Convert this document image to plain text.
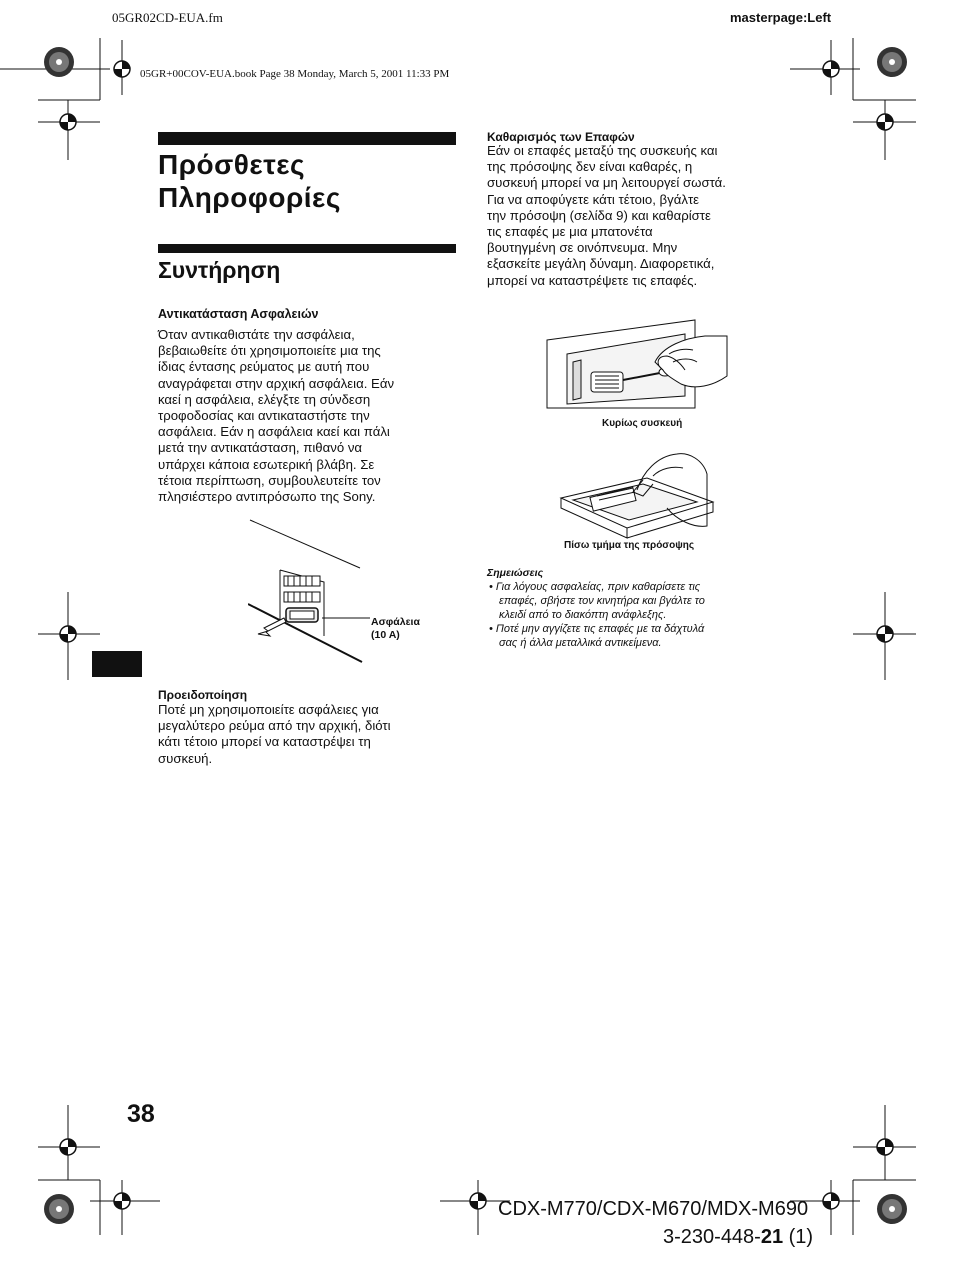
05GR02CD-EUA.fm	masterpage:Left
05GR+00COV-EUA.book Page 38 Monday, March 5, 2001 11:33 PM
Πρόσθετες
Πληροφορίες
Συντήρηση
Αντικατάσταση Ασφαλειών
Όταν αντικαθιστάτε την ασφάλεια,
βεβαιωθείτε ότι χρησιμοποιείτε μια της
ίδιας έντασης ρεύματος με αυτή που
αναγράφεται στην αρχική ασφάλεια. Εάν
καεί η ασφάλεια, ελέγξτε τη σύνδεση
τροφοδοσίας και αντικαταστήστε την
ασφάλεια. Εάν η ασφάλεια καεί και πάλι
μετά την αντικατάσταση, πιθανό να
υπάρχει κάποια εσωτερική βλάβη. Σε
τέτοια περίπτωση, συμβουλευτείτε τον
πλησιέστερο αντιπρόσωπο της Sony.
Ασφάλεια
(10 A)
Προειδοποίηση
Ποτέ μη χρησιμοποιείτε ασφάλειες για
μεγαλύτερο ρεύμα από την αρχική, διότι
κάτι τέτοιο μπορεί να καταστρέψει τη
συσκευή.
Καθαρισμός των Επαφών
Εάν οι επαφές μεταξύ της συσκευής και
της πρόσοψης δεν είναι καθαρές, η
συσκευή μπορεί να μη λειτουργεί σωστά.
Για να αποφύγετε κάτι τέτοιο, βγάλτε
την πρόσοψη (σελίδα 9) και καθαρίστε
τις επαφές με μια μπατονέτα
βουτηγμένη σε οινόπνευμα. Μην
εξασκείτε μεγάλη δύναμη. Διαφορετικά,
μπορεί να καταστρέψετε τις επαφές.
Κυρίως συσκευή
Πίσω τμήμα της πρόσοψης
Σημειώσεις
• Για λόγους ασφαλείας, πριν καθαρίσετε τις
επαφές, σβήστε τον κινητήρα και βγάλτε το
κλειδί από το διακόπτη ανάφλεξης.
• Ποτέ μην αγγίζετε τις επαφές με τα δάχτυλά
σας ή άλλα μεταλλικά αντικείμενα.
38
CDX-M770/CDX-M670/MDX-M690
3-230-448-21 (1)
